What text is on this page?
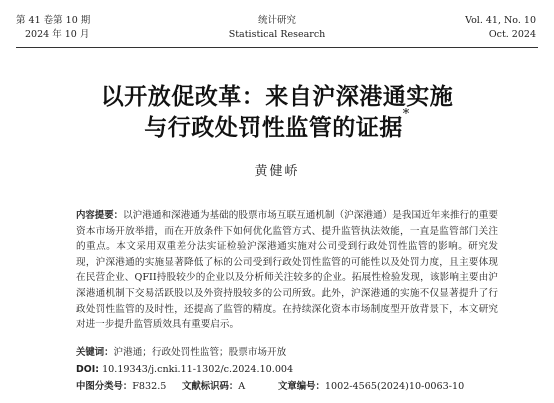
第 41 卷第 10 期
2024 年 10 月
统计研究
Statistical Research
Vol. 41, No. 10
Oct. 2024
以开放促改革：来自沪深港通实施
与行政处罚性监管的证据*
黄健峤
内容提要：以沪港通和深港通为基础的股票市场互联互通机制（沪深港通）是我国近年来推行的重要资本市场开放举措，而在开放条件下如何优化监管方式、提升监管执法效能，一直是监管部门关注的重点。本文采用双重差分法实证检验沪深港通实施对公司受到行政处罚性监管的影响。研究发现，沪深港通的实施显著降低了标的公司受到行政处罚性监管的可能性以及处罚力度，且主要体现在民营企业、QFII持股较少的企业以及分析师关注较多的企业。拓展性检验发现，该影响主要由沪深港通机制下交易活跃股以及外资持股较多的公司所致。此外，沪深港通的实施不仅显著提升了行政处罚性监管的及时性，还提高了监管的精度。在持续深化资本市场制度型开放背景下，本文研究对进一步提升监管质效具有重要启示。
关键词：沪港通；行政处罚性监管；股票市场开放
DOI: 10.19343/j.cnki.11-1302/c.2024.10.004
中图分类号：F832.5 文献标识码：A	文章编号：1002-4565(2024)10-0063-10
